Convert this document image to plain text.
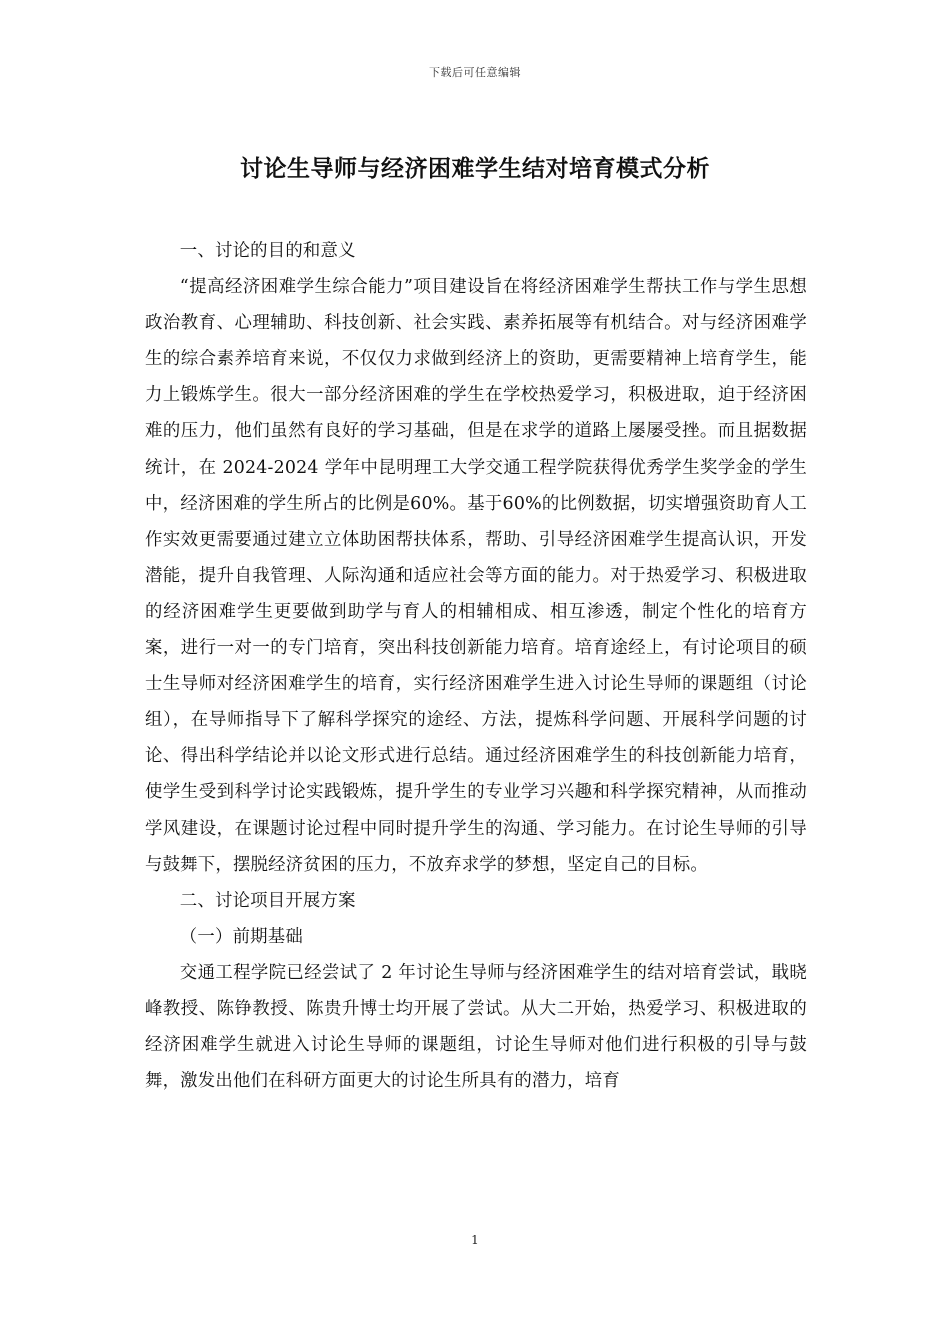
下载后可任意编辑
讨论生导师与经济困难学生结对培育模式分析

一、讨论的目的和意义

“提高经济困难学生综合能力”项目建设旨在将经济困难学生帮扶工作与学生思想政治教育、心理辅助、科技创新、社会实践、素养拓展等有机结合。对与经济困难学生的综合素养培育来说，不仅仅力求做到经济上的资助，更需要精神上培育学生，能力上锻炼学生。很大一部分经济困难的学生在学校热爱学习，积极进取，迫于经济困难的压力，他们虽然有良好的学习基础，但是在求学的道路上屡屡受挫。而且据数据统计，在 2024-2024 学年中昆明理工大学交通工程学院获得优秀学生奖学金的学生中，经济困难的学生所占的比例是60%。基于60%的比例数据，切实增强资助育人工作实效更需要通过建立立体助困帮扶体系，帮助、引导经济困难学生提高认识，开发潜能，提升自我管理、人际沟通和适应社会等方面的能力。对于热爱学习、积极进取的经济困难学生更要做到助学与育人的相辅相成、相互渗透，制定个性化的培育方案，进行一对一的专门培育，突出科技创新能力培育。培育途经上，有讨论项目的硕士生导师对经济困难学生的培育，实行经济困难学生进入讨论生导师的课题组（讨论组），在导师指导下了解科学探究的途经、方法，提炼科学问题、开展科学问题的讨论、得出科学结论并以论文形式进行总结。通过经济困难学生的科技创新能力培育，使学生受到科学讨论实践锻炼，提升学生的专业学习兴趣和科学探究精神，从而推动学风建设，在课题讨论过程中同时提升学生的沟通、学习能力。在讨论生导师的引导与鼓舞下，摆脱经济贫困的压力，不放弃求学的梦想，坚定自己的目标。

二、讨论项目开展方案

（一）前期基础

交通工程学院已经尝试了 2 年讨论生导师与经济困难学生的结对培育尝试，戢晓峰教授、陈铮教授、陈贵升博士均开展了尝试。从大二开始，热爱学习、积极进取的经济困难学生就进入讨论生导师的课题组，讨论生导师对他们进行积极的引导与鼓舞，激发出他们在科研方面更大的讨论生所具有的潜力，培育

1
